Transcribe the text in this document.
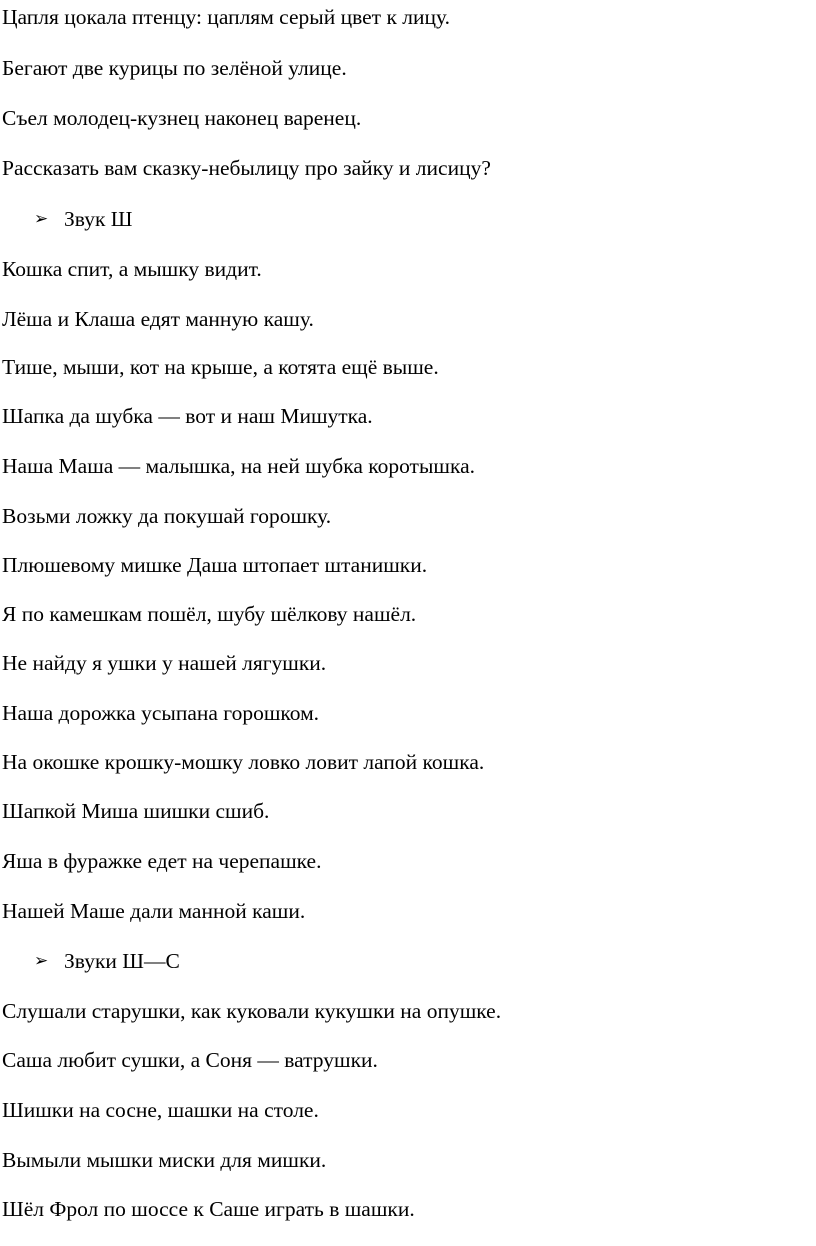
Цапля цокала птенцу: цаплям серый цвет к лицу.
Бегают две курицы по зелёной улице.
Съел молодец-кузнец наконец варенец.
Рассказать вам сказку-небылицу про зайку и лисицу?
➢ Звук Ш
Кошка спит, а мышку видит.
Лёша и Клаша едят манную кашу.
Тише, мыши, кот на крыше, а котята ещё выше.
Шапка да шубка — вот и наш Мишутка.
Наша Маша — малышка, на ней шубка коротышка.
Возьми ложку да покушай горошку.
Плюшевому мишке Даша штопает штанишки.
Я по камешкам пошёл, шубу шёлкову нашёл.
Не найду я ушки у нашей лягушки.
Наша дорожка усыпана горошком.
На окошке крошку-мошку ловко ловит лапой кошка.
Шапкой Миша шишки сшиб.
Яша в фуражке едет на черепашке.
Нашей Маше дали манной каши.
➢ Звуки Ш—С
Слушали старушки, как куковали кукушки на опушке.
Саша любит сушки, а Соня — ватрушки.
Шишки на сосне, шашки на столе.
Вымыли мышки миски для мишки.
Шёл Фрол по шоссе к Саше играть в шашки.
